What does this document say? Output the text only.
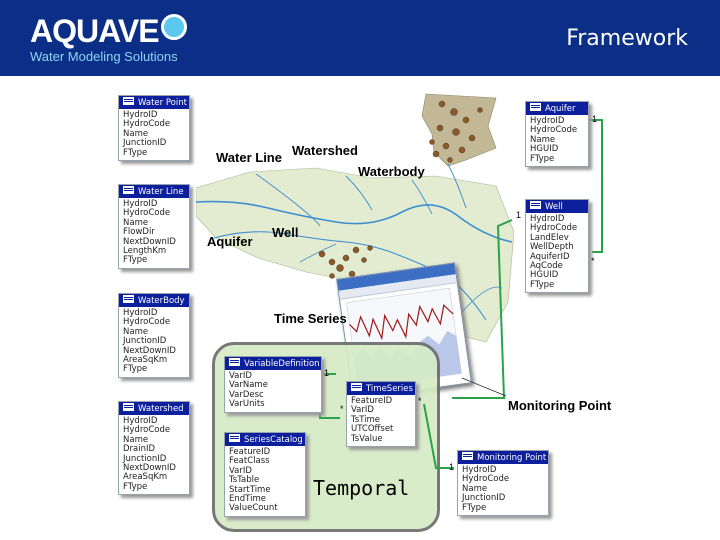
AQUAVE
Water Modeling Solutions
Framework
Water Point
HydroID
HydroCode
Name
JunctionID
FType
Water Line
HydroID
HydroCode
Name
FlowDir
NextDownID
LengthKm
FType
WaterBody
HydroID
HydroCode
Name
JunctionID
NextDownID
AreaSqKm
FType
Watershed
HydroID
HydroCode
Name
DrainID
JunctionID
NextDownID
AreaSqKm
FType
Aquifer
HydroID
HydroCode
Name
HGUID
FType
Well
HydroID
HydroCode
LandElev
WellDepth
AquiferID
AqCode
HGUID
FType
VariableDefinition
VarID
VarName
VarDesc
VarUnits
TimeSeries
FeatureID
VarID
TsTime
UTCOffset
TsValue
SeriesCatalog
FeatureID
FeatClass
VarID
TsTable
StartTime
EndTime
ValueCount
Monitoring Point
HydroID
HydroCode
Name
JunctionID
FType
Water Line Watershed
Waterbody
Aquifer
Well
Time Series
Monitoring Point
Temporal
1
1
*
1
*
*
1
